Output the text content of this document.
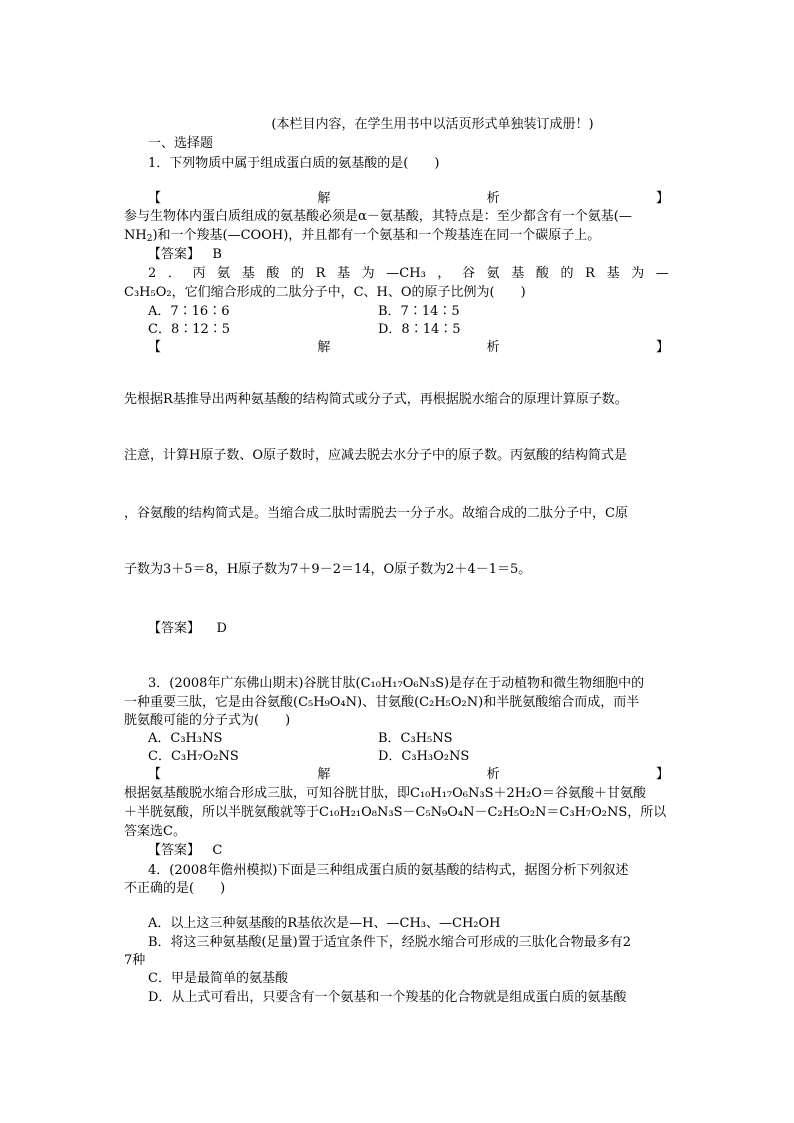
(本栏目内容，在学生用书中以活页形式单独装订成册！)
一、选择题
1．下列物质中属于组成蛋白质的氨基酸的是(　　)
【	解	析	】
参与生物体内蛋白质组成的氨基酸必须是α－氨基酸，其特点是：至少都含有一个氨基(—
$NH_2$)和一个羧基(—COOH)，并且都有一个氨基和一个羧基连在同一个碳原子上。
【答案】 B
2 ． 丙 氨 基 酸 的 R 基 为 —CH₃ ， 谷 氨 基 酸 的 R 基 为 —
C₃H₅O₂，它们缩合形成的二肽分子中，C、H、O的原子比例为(　　)
A．7∶16∶6	B．7∶14∶5
C．8∶12∶5	D．8∶14∶5
【	解	析	】
先根据R基推导出两种氨基酸的结构简式或分子式，再根据脱水缩合的原理计算原子数。
注意，计算H原子数、O原子数时，应减去脱去水分子中的原子数。丙氨酸的结构简式是
，谷氨酸的结构简式是。当缩合成二肽时需脱去一分子水。故缩合成的二肽分子中，C原
子数为3＋5＝8，H原子数为7＋9－2＝14，O原子数为2＋4－1＝5。
【答案】 D
3．(2008年广东佛山期末)谷胱甘肽(C₁₀H₁₇O₆N₃S)是存在于动植物和微生物细胞中的
一种重要三肽，它是由谷氨酸(C₅H₉O₄N)、甘氨酸(C₂H₅O₂N)和半胱氨酸缩合而成，而半
胱氨酸可能的分子式为(　　)
A．C₃H₃NS	B．C₃H₅NS
C．C₃H₇O₂NS	D．C₃H₃O₂NS
【	解	析	】
根据氨基酸脱水缩合形成三肽，可知谷胱甘肽，即C₁₀H₁₇O₆N₃S＋2H₂O＝谷氨酸＋甘氨酸
＋半胱氨酸，所以半胱氨酸就等于C₁₀H₂₁O₈N₃S－C₅N₉O₄N－C₂H₅O₂N＝C₃H₇O₂NS，所以
答案选C。
【答案】 C
4．(2008年儋州模拟)下面是三种组成蛋白质的氨基酸的结构式，据图分析下列叙述
不正确的是(　　)
A．以上这三种氨基酸的R基依次是—H、—CH₃、—CH₂OH
B．将这三种氨基酸(足量)置于适宜条件下，经脱水缩合可形成的三肽化合物最多有2
7种
C．甲是最简单的氨基酸
D．从上式可看出，只要含有一个氨基和一个羧基的化合物就是组成蛋白质的氨基酸
